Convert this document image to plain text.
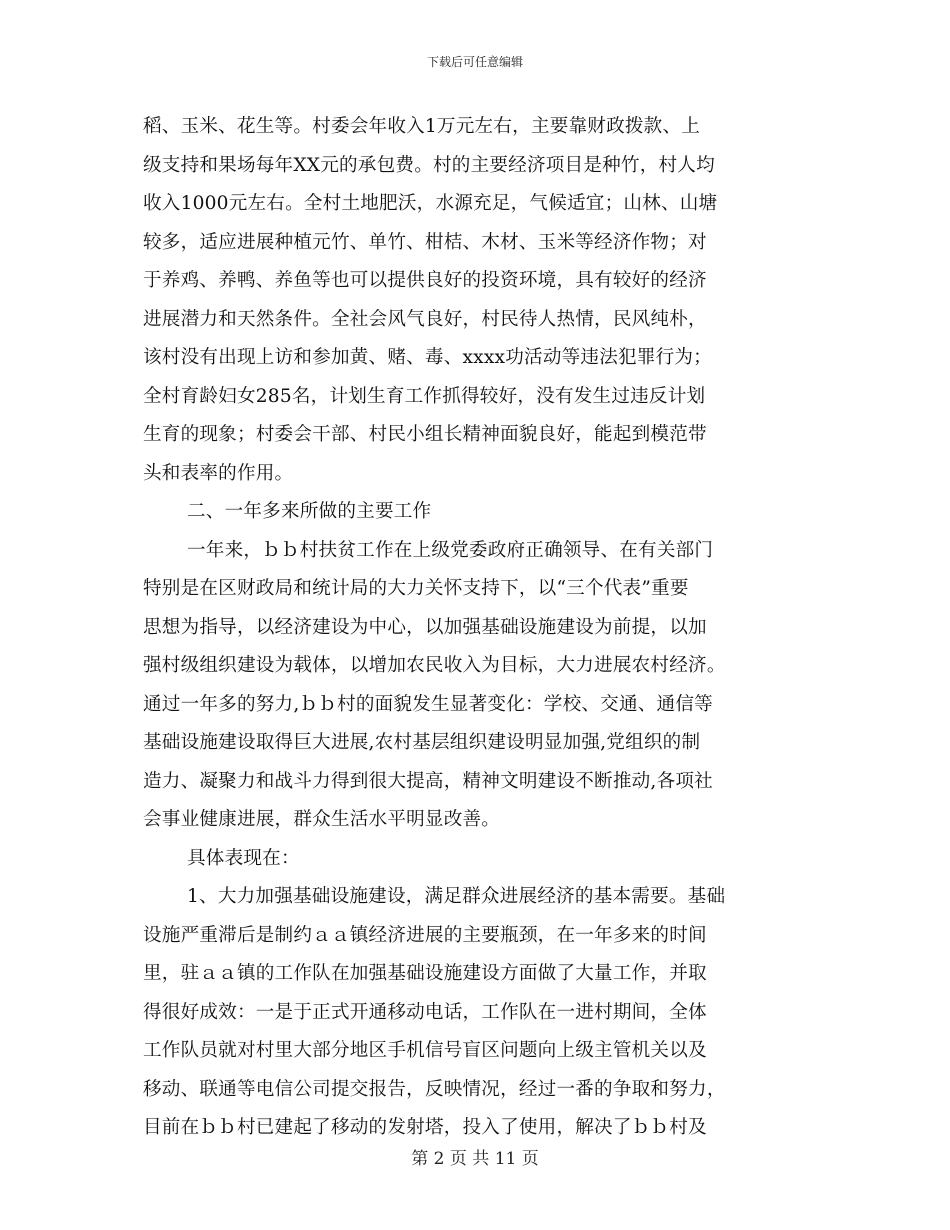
下载后可任意编辑
稻、玉米、花生等。村委会年收入1万元左右，主要靠财政拨款、上
级支持和果场每年XX元的承包费。村的主要经济项目是种竹，村人均
收入1000元左右。全村土地肥沃，水源充足，气候适宜；山林、山塘
较多，适应进展种植元竹、单竹、柑桔、木材、玉米等经济作物；对
于养鸡、养鸭、养鱼等也可以提供良好的投资环境，具有较好的经济
进展潜力和天然条件。全社会风气良好，村民待人热情，民风纯朴，
该村没有出现上访和参加黄、赌、毒、xxxx功活动等违法犯罪行为；
全村育龄妇女285名，计划生育工作抓得较好，没有发生过违反计划
生育的现象；村委会干部、村民小组长精神面貌良好，能起到模范带
头和表率的作用。
二、一年多来所做的主要工作
一年来，ｂｂ村扶贫工作在上级党委政府正确领导、在有关部门
特别是在区财政局和统计局的大力关怀支持下，以“三个代表”重要
思想为指导，以经济建设为中心，以加强基础设施建设为前提，以加
强村级组织建设为载体，以增加农民收入为目标，大力进展农村经济。
通过一年多的努力,ｂｂ村的面貌发生显著变化：学校、交通、通信等
基础设施建设取得巨大进展,农村基层组织建设明显加强,党组织的制
造力、凝聚力和战斗力得到很大提高，精神文明建设不断推动,各项社
会事业健康进展，群众生活水平明显改善。
具体表现在：
1、大力加强基础设施建设，满足群众进展经济的基本需要。基础
设施严重滞后是制约ａａ镇经济进展的主要瓶颈，在一年多来的时间
里，驻ａａ镇的工作队在加强基础设施建设方面做了大量工作，并取
得很好成效：一是于正式开通移动电话，工作队在一进村期间，全体
工作队员就对村里大部分地区手机信号盲区问题向上级主管机关以及
移动、联通等电信公司提交报告，反映情况，经过一番的争取和努力，
目前在ｂｂ村已建起了移动的发射塔，投入了使用，解决了ｂｂ村及
第 2 页 共 11 页
